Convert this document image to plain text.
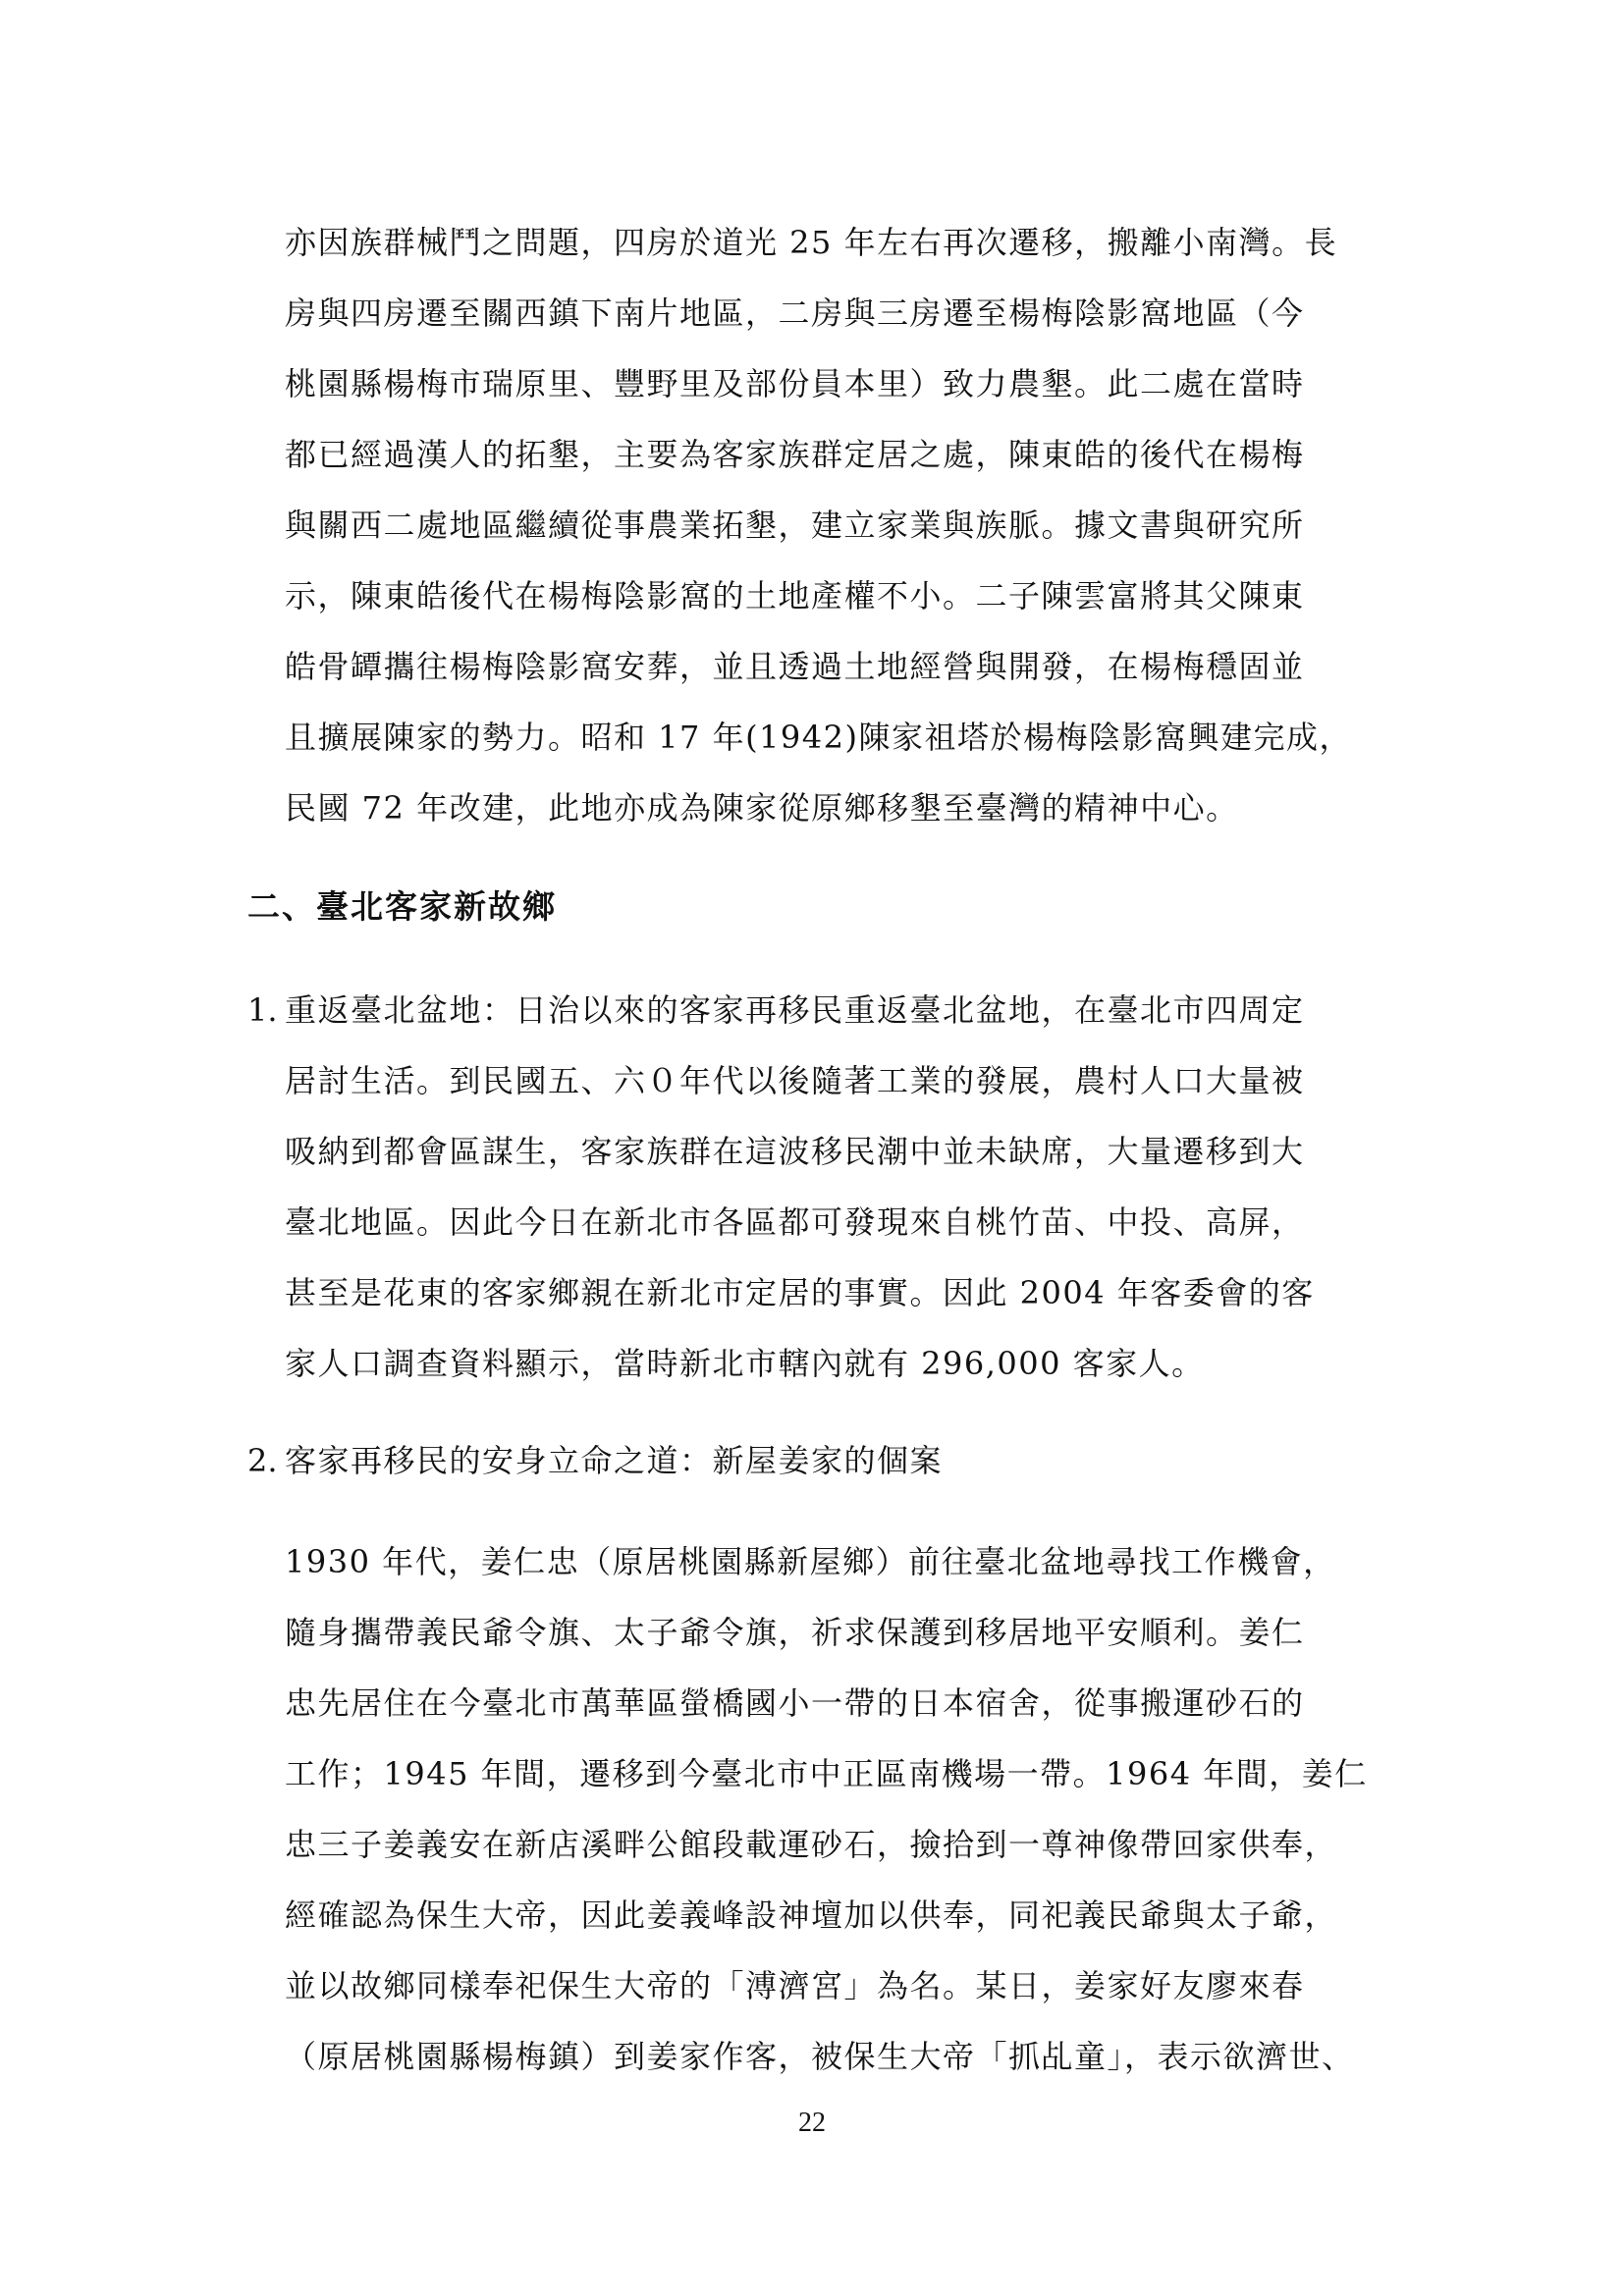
亦因族群械鬥之問題，四房於道光 25 年左右再次遷移，搬離小南灣。長
房與四房遷至關西鎮下南片地區，二房與三房遷至楊梅陰影窩地區（今
桃園縣楊梅市瑞原里、豐野里及部份員本里）致力農墾。此二處在當時
都已經過漢人的拓墾，主要為客家族群定居之處，陳東皓的後代在楊梅
與關西二處地區繼續從事農業拓墾，建立家業與族脈。據文書與研究所
示，陳東皓後代在楊梅陰影窩的土地產權不小。二子陳雲富將其父陳東
皓骨罈攜往楊梅陰影窩安葬，並且透過土地經營與開發，在楊梅穩固並
且擴展陳家的勢力。昭和 17 年(1942)陳家祖塔於楊梅陰影窩興建完成，
民國 72 年改建，此地亦成為陳家從原鄉移墾至臺灣的精神中心。
二、臺北客家新故鄉
1. 重返臺北盆地：日治以來的客家再移民重返臺北盆地，在臺北市四周定
居討生活。到民國五、六０年代以後隨著工業的發展，農村人口大量被
吸納到都會區謀生，客家族群在這波移民潮中並未缺席，大量遷移到大
臺北地區。因此今日在新北市各區都可發現來自桃竹苗、中投、高屏，
甚至是花東的客家鄉親在新北市定居的事實。因此 2004 年客委會的客
家人口調查資料顯示，當時新北市轄內就有 296,000 客家人。
2. 客家再移民的安身立命之道：新屋姜家的個案
1930 年代，姜仁忠（原居桃園縣新屋鄉）前往臺北盆地尋找工作機會，
隨身攜帶義民爺令旗、太子爺令旗，祈求保護到移居地平安順利。姜仁
忠先居住在今臺北市萬華區螢橋國小一帶的日本宿舍，從事搬運砂石的
工作；1945 年間，遷移到今臺北市中正區南機場一帶。1964 年間，姜仁
忠三子姜義安在新店溪畔公館段載運砂石，撿拾到一尊神像帶回家供奉，
經確認為保生大帝，因此姜義峰設神壇加以供奉，同祀義民爺與太子爺，
並以故鄉同樣奉祀保生大帝的「溥濟宮」為名。某日，姜家好友廖來春
（原居桃園縣楊梅鎮）到姜家作客，被保生大帝「抓乩童」，表示欲濟世、
22
